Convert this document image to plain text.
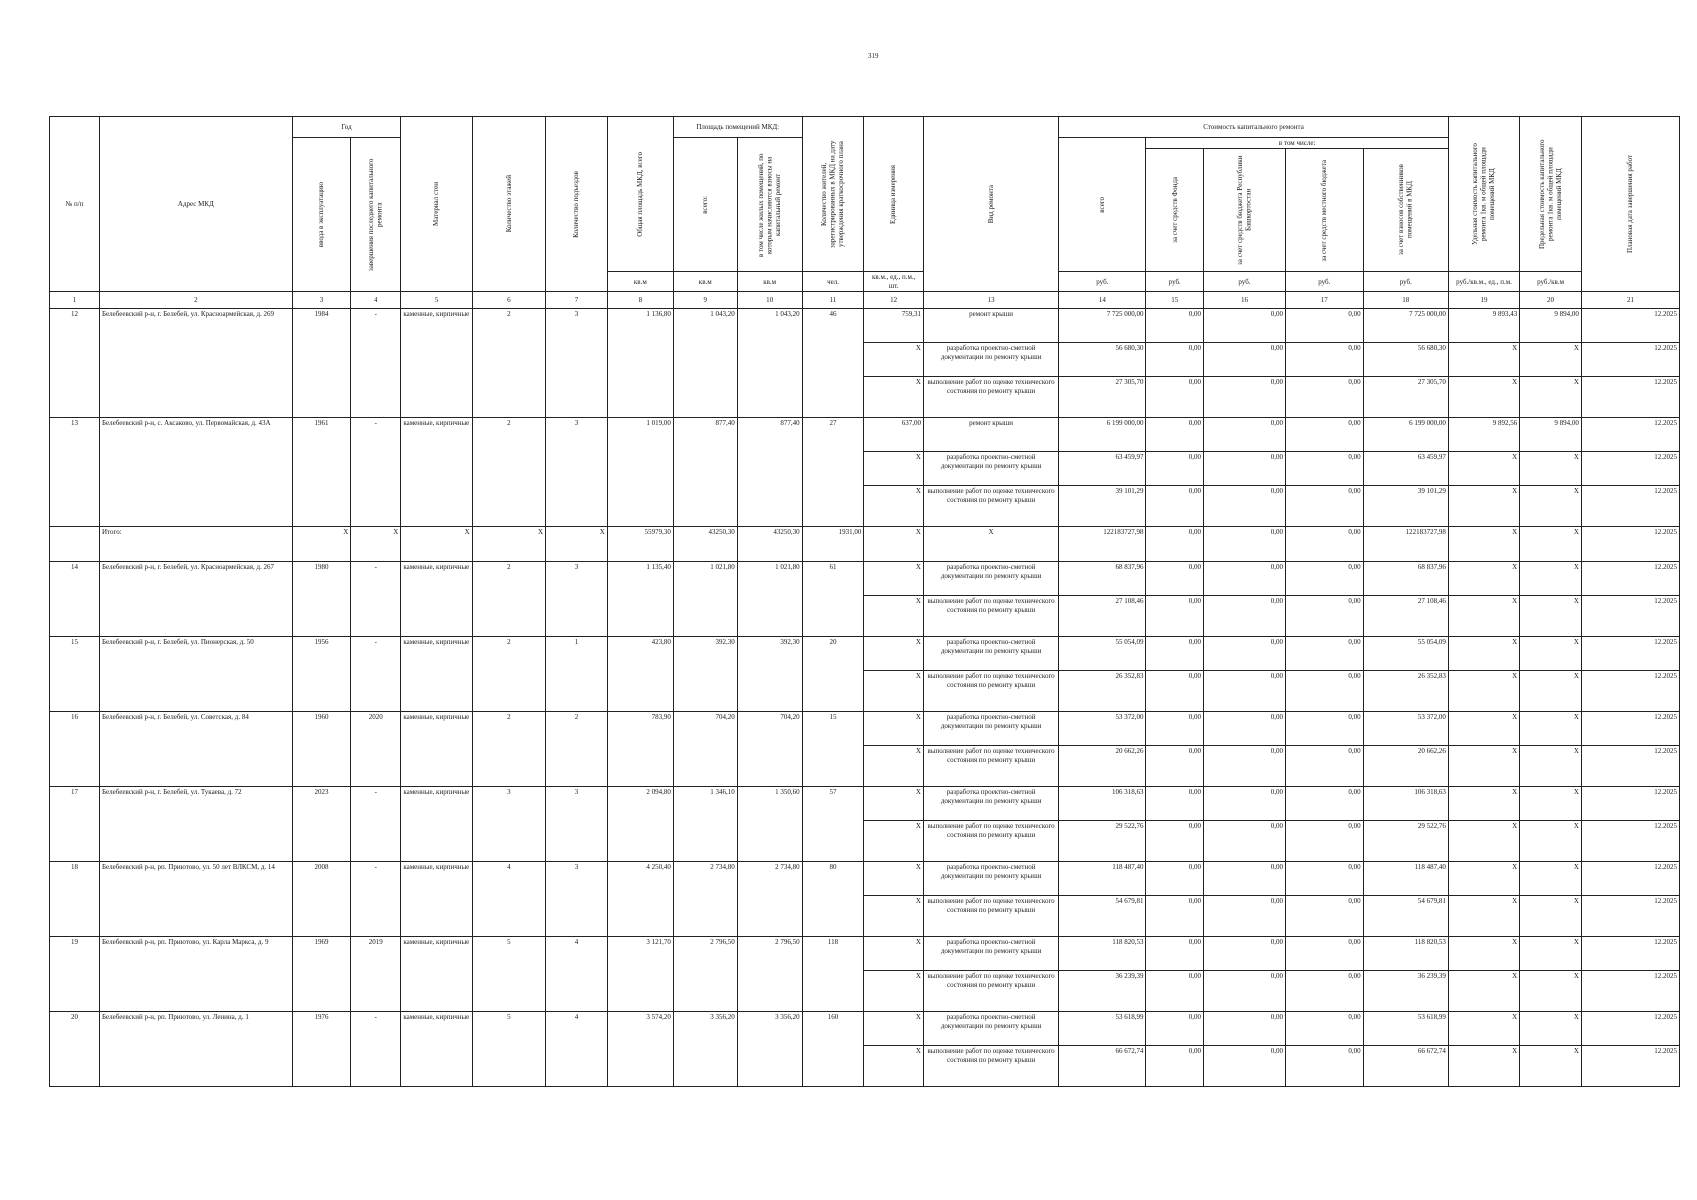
319
№ п/п	Адрес МКД	Год		Материал стен	Количество этажей	Количество подъездов	Общая площадь МКД, всего	Площадь помещений МКД:		Количество жителей, зарегистрированных в МКД на дату утверждения краткосрочного плана	Единица измерения	Вид ремонта	Стоимость капитального ремонта					Удельная стоимость капитального ремонта 1кв. м общей площади помещений МКД	Предельная стоимость капитального ремонта 1кв. м общей площади помещений МКД	Плановая дата завершения работ

		ввода в эксплуатацию	завершения последнего капитального ремонта					всего:	в том числе жилых помещений, по которым начисляются взносы на капитальный ремонт				всего	в том числе:						

														за счет средств Фонда	за счет средств бюджета Республики Башкортостан	за счет средств местного бюджета	за счет взносов собственников помещений в МКД			

							кв.м	кв.м	кв.м	чел.	кв.м., ед., п.м., шт.		руб.	руб.	руб.	руб.	руб.	руб./кв.м., ед., п.м.	руб./кв.м	
1	2	3	4	5	6	7	8	9	10	11	12	13	14	15	16	17	18	19	20	21
12	Белебеевский р-н, г. Белебей, ул. Красноармейская, д. 269	1984	-	каменные, кирпичные	2	3	1 136,80	1 043,20	1 043,20	46	759,31	ремонт крыши	7 725 000,00	0,00	0,00	0,00	7 725 000,00	9 893,43	9 894,00	12.2025
											X	разработка проектно-сметной документации по ремонту крыши	56 680,30	0,00	0,00	0,00	56 680,30	X	X	12.2025
											X	выполнение работ по оценке технического состояния по ремонту крыши	27 305,70	0,00	0,00	0,00	27 305,70	X	X	12.2025
13	Белебеевский р-н, с. Аксаково, ул. Первомайская, д. 43А	1961	-	каменные, кирпичные	2	3	1 019,00	877,40	877,40	27	637,00	ремонт крыши	6 199 000,00	0,00	0,00	0,00	6 199 000,00	9 892,56	9 894,00	12.2025
											X	разработка проектно-сметной документации по ремонту крыши	63 459,97	0,00	0,00	0,00	63 459,97	X	X	12.2025
											X	выполнение работ по оценке технического состояния по ремонту крыши	39 101,29	0,00	0,00	0,00	39 101,29	X	X	12.2025
	Итого:	X	X	X	X	X	55979,30	43250,30	43250,30	1931,00	X	X	122183727,98	0,00	0,00	0,00	122183727,98	X	X	12.2025
14	Белебеевский р-н, г. Белебей, ул. Красноармейская, д. 267	1980	-	каменные, кирпичные	2	3	1 135,40	1 021,80	1 021,80	61	X	разработка проектно-сметной документации по ремонту крыши	68 837,96	0,00	0,00	0,00	68 837,96	X	X	12.2025
											X	выполнение работ по оценке технического состояния по ремонту крыши	27 108,46	0,00	0,00	0,00	27 108,46	X	X	12.2025
15	Белебеевский р-н, г. Белебей, ул. Пионерская, д. 50	1956	-	каменные, кирпичные	2	1	423,80	392,30	392,30	20	X	разработка проектно-сметной документации по ремонту крыши	55 054,09	0,00	0,00	0,00	55 054,09	X	X	12.2025
											X	выполнение работ по оценке технического состояния по ремонту крыши	26 352,83	0,00	0,00	0,00	26 352,83	X	X	12.2025
16	Белебеевский р-н, г. Белебей, ул. Советская, д. 84	1960	2020	каменные, кирпичные	2	2	783,90	704,20	704,20	15	X	разработка проектно-сметной документации по ремонту крыши	53 372,00	0,00	0,00	0,00	53 372,00	X	X	12.2025
											X	выполнение работ по оценке технического состояния по ремонту крыши	20 662,26	0,00	0,00	0,00	20 662,26	X	X	12.2025
17	Белебеевский р-н, г. Белебей, ул. Тукаева, д. 72	2023	-	каменные, кирпичные	3	3	2 094,80	1 346,10	1 350,60	57	X	разработка проектно-сметной документации по ремонту крыши	106 318,63	0,00	0,00	0,00	106 318,63	X	X	12.2025
											X	выполнение работ по оценке технического состояния по ремонту крыши	29 522,76	0,00	0,00	0,00	29 522,76	X	X	12.2025
18	Белебеевский р-н, рп. Приютово, ул. 50 лет ВЛКСМ, д. 14	2008	-	каменные, кирпичные	4	3	4 250,40	2 734,80	2 734,80	80	X	разработка проектно-сметной документации по ремонту крыши	118 487,40	0,00	0,00	0,00	118 487,40	X	X	12.2025
											X	выполнение работ по оценке технического состояния по ремонту крыши	54 679,81	0,00	0,00	0,00	54 679,81	X	X	12.2025
19	Белебеевский р-н, рп. Приютово, ул. Карла Маркса, д. 9	1969	2019	каменные, кирпичные	5	4	3 121,70	2 796,50	2 796,50	118	X	разработка проектно-сметной документации по ремонту крыши	118 820,53	0,00	0,00	0,00	118 820,53	X	X	12.2025
											X	выполнение работ по оценке технического состояния по ремонту крыши	36 239,39	0,00	0,00	0,00	36 239,39	X	X	12.2025
20	Белебеевский р-н, рп. Приютово, ул. Ленина, д. 1	1976	-	каменные, кирпичные	5	4	3 574,20	3 356,20	3 356,20	160	X	разработка проектно-сметной документации по ремонту крыши	53 618,99	0,00	0,00	0,00	53 618,99	X	X	12.2025
											X	выполнение работ по оценке технического состояния по ремонту крыши	66 672,74	0,00	0,00	0,00	66 672,74	X	X	12.2025
